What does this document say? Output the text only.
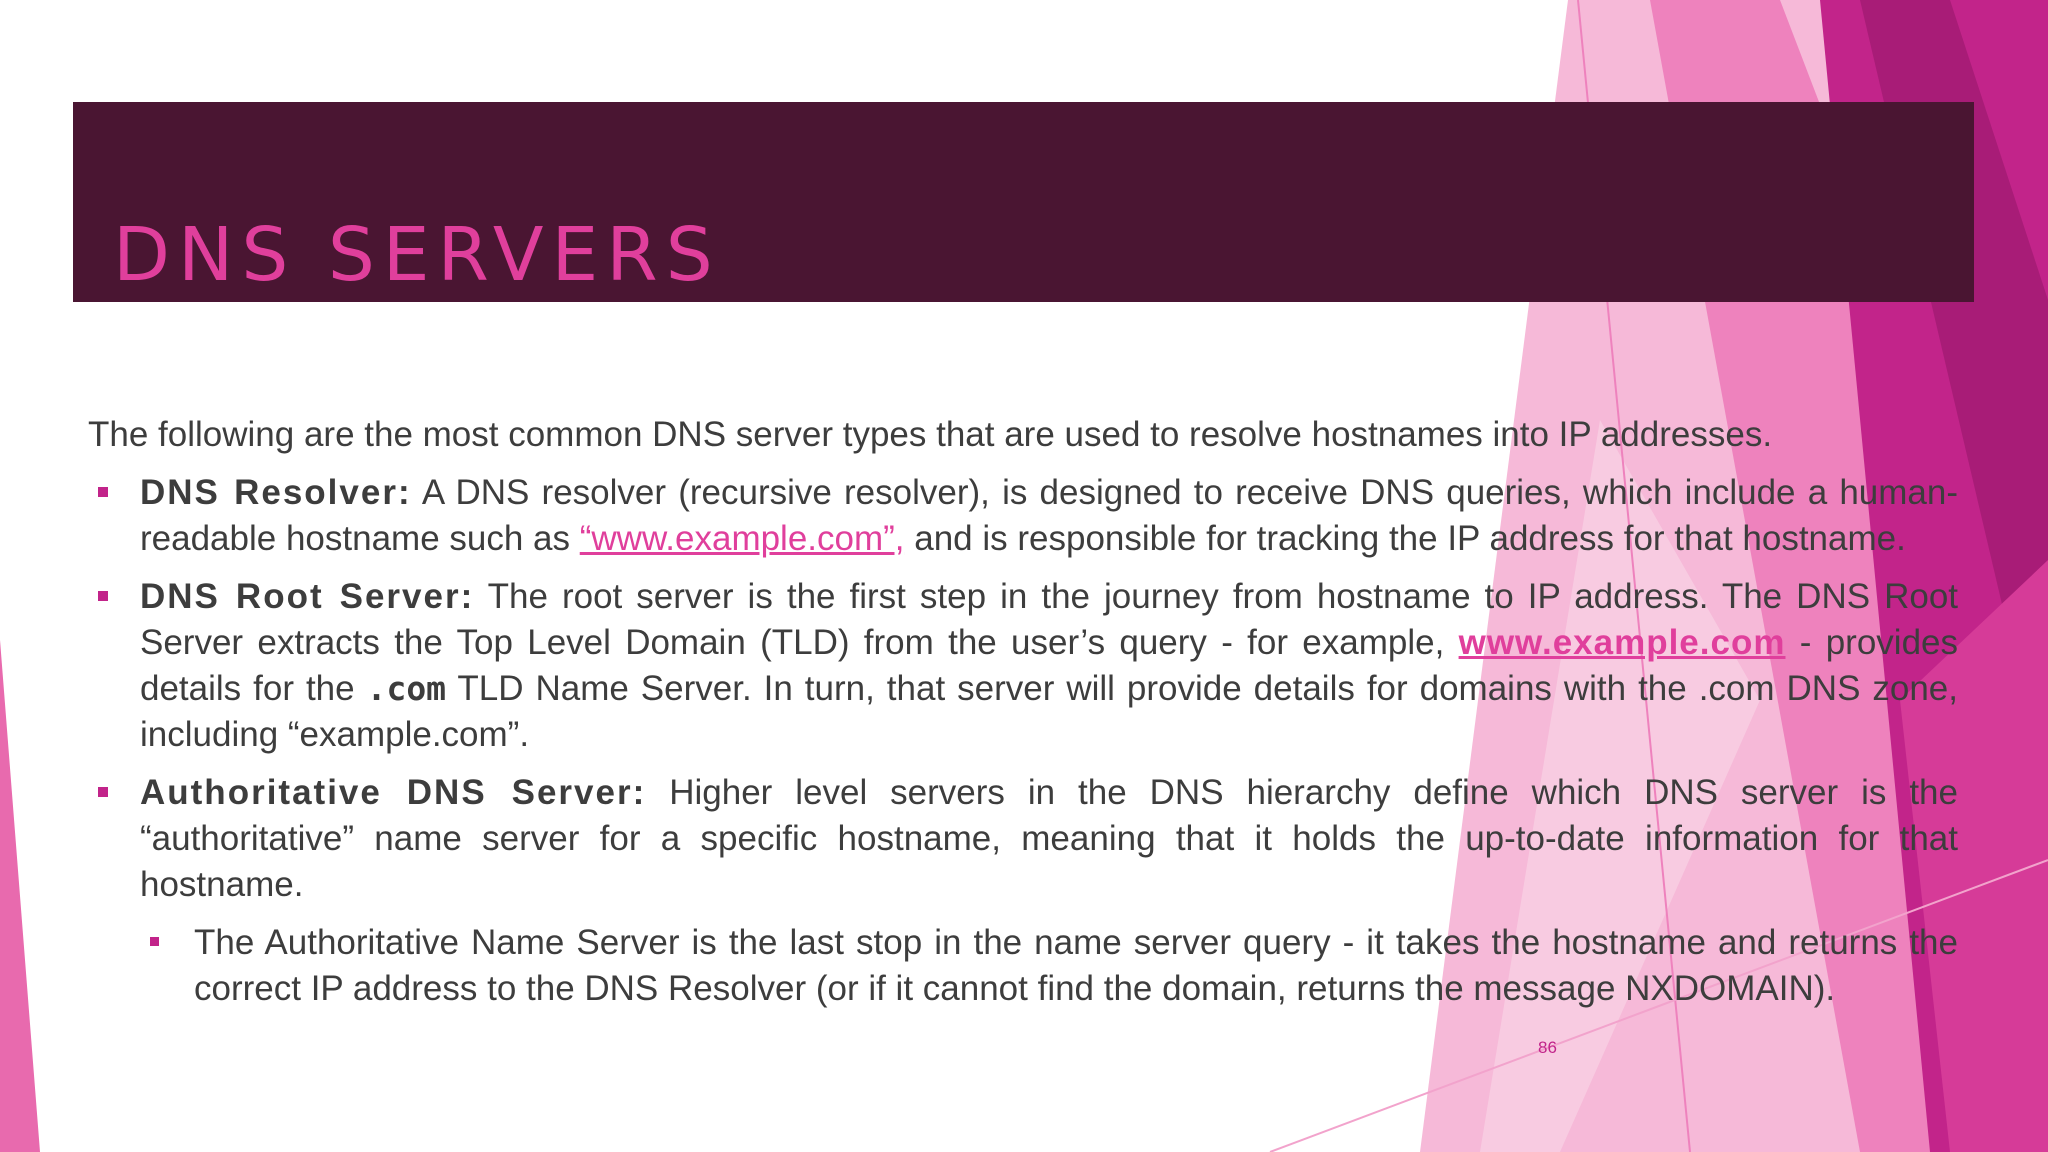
DNS SERVERS

The following are the most common DNS server types that are used to resolve hostnames into IP addresses.

DNS Resolver: A DNS resolver (recursive resolver), is designed to receive DNS queries, which include a human-readable hostname such as “www.example.com”, and is responsible for tracking the IP address for that hostname.
DNS Root Server: The root server is the first step in the journey from hostname to IP address. The DNS Root Server extracts the Top Level Domain (TLD) from the user’s query - for example, www.example.com - provides details for the .com TLD Name Server. In turn, that server will provide details for domains with the .com DNS zone, including “example.com”.
Authoritative DNS Server: Higher level servers in the DNS hierarchy define which DNS server is the “authoritative” name server for a specific hostname, meaning that it holds the up-to-date information for that hostname.
The Authoritative Name Server is the last stop in the name server query - it takes the hostname and returns the correct IP address to the DNS Resolver (or if it cannot find the domain, returns the message NXDOMAIN).
86
